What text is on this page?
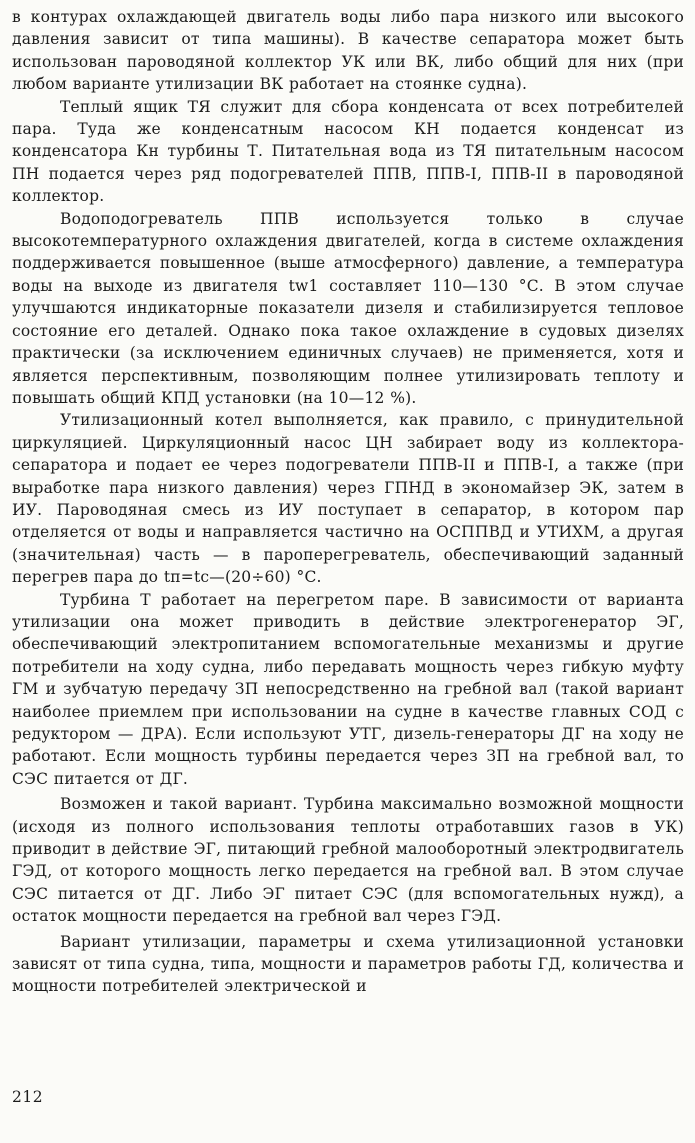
в контурах охлаждающей двигатель воды либо пара низкого или высокого давления зависит от типа машины). В качестве сепаратора может быть использован пароводяной коллектор УК или ВК, либо общий для них (при любом варианте утилизации ВК работает на стоянке судна).

Теплый ящик ТЯ служит для сбора конденсата от всех потребителей пара. Туда же конденсатным насосом КН подается конденсат из конденсатора Кн турбины Т. Питательная вода из ТЯ питательным насосом ПН подается через ряд подогревателей ППВ, ППВ-I, ППВ-II в пароводяной коллектор.

Водоподогреватель ППВ используется только в случае высокотемпературного охлаждения двигателей, когда в системе охлаждения поддерживается повышенное (выше атмосферного) давление, а температура воды на выходе из двигателя tw1 составляет 110—130 °С. В этом случае улучшаются индикаторные показатели дизеля и стабилизируется тепловое состояние его деталей. Однако пока такое охлаждение в судовых дизелях практически (за исключением единичных случаев) не применяется, хотя и является перспективным, позволяющим полнее утилизировать теплоту и повышать общий КПД установки (на 10—12 %).

Утилизационный котел выполняется, как правило, с принудительной циркуляцией. Циркуляционный насос ЦН забирает воду из коллектора-сепаратора и подает ее через подогреватели ППВ-II и ППВ-I, а также (при выработке пара низкого давления) через ГПНД в экономайзер ЭК, затем в ИУ. Пароводяная смесь из ИУ поступает в сепаратор, в котором пар отделяется от воды и направляется частично на ОСППВД и УТИХМ, а другая (значительная) часть — в пароперегреватель, обеспечивающий заданный перегрев пара до tп=tс—(20÷60) °С.

Турбина Т работает на перегретом паре. В зависимости от варианта утилизации она может приводить в действие электрогенератор ЭГ, обеспечивающий электропитанием вспомогательные механизмы и другие потребители на ходу судна, либо передавать мощность через гибкую муфту ГМ и зубчатую передачу ЗП непосредственно на гребной вал (такой вариант наиболее приемлем при использовании на судне в качестве главных СОД с редуктором — ДРА). Если используют УТГ, дизель-генераторы ДГ на ходу не работают. Если мощность турбины передается через ЗП на гребной вал, то СЭС питается от ДГ.

Возможен и такой вариант. Турбина максимально возможной мощности (исходя из полного использования теплоты отработавших газов в УК) приводит в действие ЭГ, питающий гребной малооборотный электродвигатель ГЭД, от которого мощность легко передается на гребной вал. В этом случае СЭС питается от ДГ. Либо ЭГ питает СЭС (для вспомогательных нужд), а остаток мощности передается на гребной вал через ГЭД.

Вариант утилизации, параметры и схема утилизационной установки зависят от типа судна, типа, мощности и параметров работы ГД, количества и мощности потребителей электрической и

212
